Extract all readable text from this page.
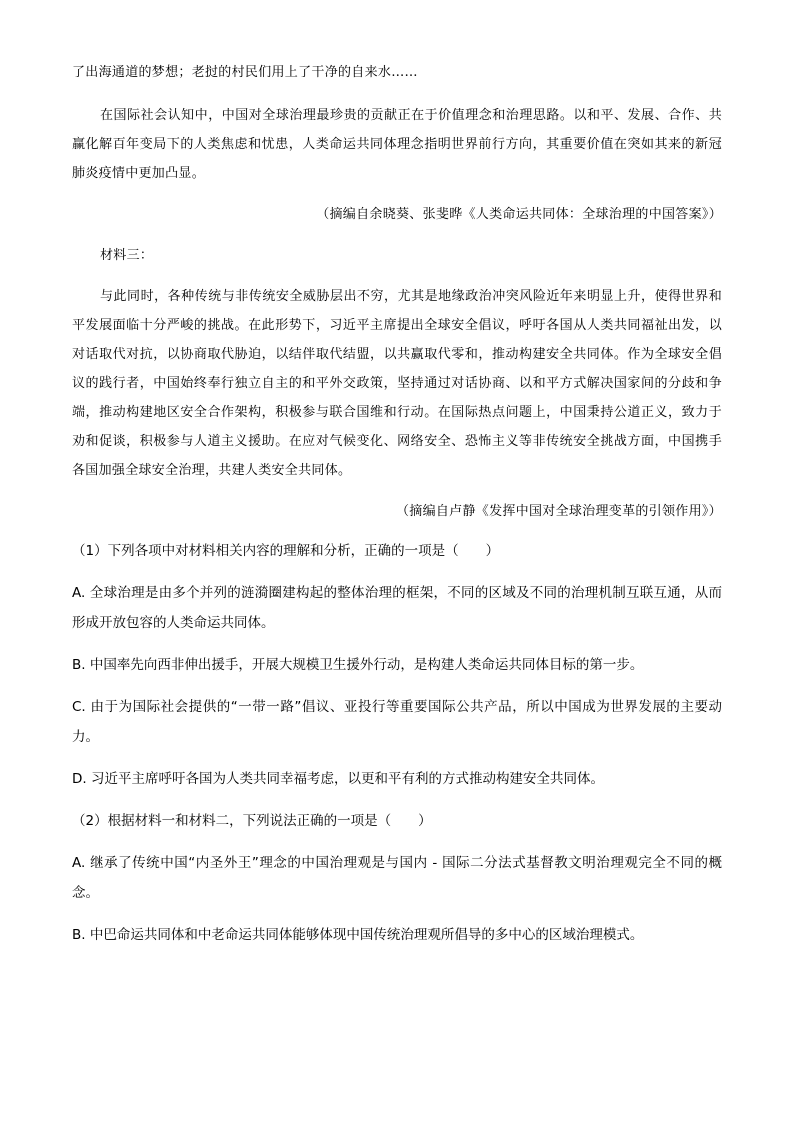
了出海通道的梦想；老挝的村民们用上了干净的自来水……

在国际社会认知中，中国对全球治理最珍贵的贡献正在于价值理念和治理思路。以和平、发展、合作、共赢化解百年变局下的人类焦虑和忧患，人类命运共同体理念指明世界前行方向，其重要价值在突如其来的新冠肺炎疫情中更加凸显。

（摘编自余晓葵、张斐晔《人类命运共同体：全球治理的中国答案》）

材料三：

与此同时，各种传统与非传统安全威胁层出不穷，尤其是地缘政治冲突风险近年来明显上升，使得世界和平发展面临十分严峻的挑战。在此形势下，习近平主席提出全球安全倡议，呼吁各国从人类共同福祉出发，以对话取代对抗，以协商取代胁迫，以结伴取代结盟，以共赢取代零和，推动构建安全共同体。作为全球安全倡议的践行者，中国始终奉行独立自主的和平外交政策，坚持通过对话协商、以和平方式解决国家间的分歧和争端，推动构建地区安全合作架构，积极参与联合国维和行动。在国际热点问题上，中国秉持公道正义，致力于劝和促谈，积极参与人道主义援助。在应对气候变化、网络安全、恐怖主义等非传统安全挑战方面，中国携手各国加强全球安全治理，共建人类安全共同体。

（摘编自卢静《发挥中国对全球治理变革的引领作用》）

（1）下列各项中对材料相关内容的理解和分析，正确的一项是（　　）

A. 全球治理是由多个并列的涟漪圈建构起的整体治理的框架，不同的区域及不同的治理机制互联互通，从而形成开放包容的人类命运共同体。

B. 中国率先向西非伸出援手，开展大规模卫生援外行动，是构建人类命运共同体目标的第一步。

C. 由于为国际社会提供的“一带一路”倡议、亚投行等重要国际公共产品，所以中国成为世界发展的主要动力。

D. 习近平主席呼吁各国为人类共同幸福考虑，以更和平有利的方式推动构建安全共同体。

（2）根据材料一和材料二，下列说法正确的一项是（　　）

A. 继承了传统中国“内圣外王”理念的中国治理观是与国内 - 国际二分法式基督教文明治理观完全不同的概念。

B. 中巴命运共同体和中老命运共同体能够体现中国传统治理观所倡导的多中心的区域治理模式。
